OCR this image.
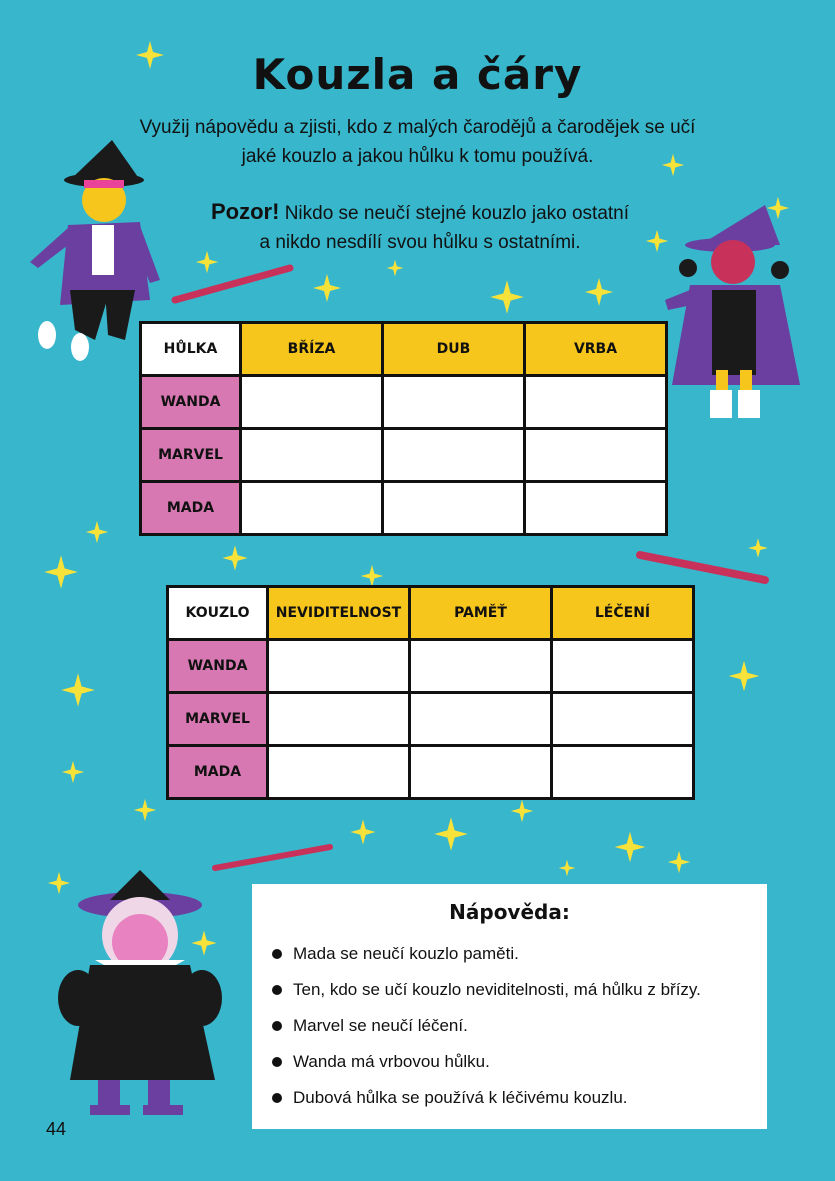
Kouzla a čáry
Využij nápovědu a zjisti, kdo z malých čarodějů a čarodějek se učí
jaké kouzlo a jakou hůlku k tomu používá.
Pozor! Nikdo se neučí stejné kouzlo jako ostatní
a nikdo nesdílí svou hůlku s ostatními.
HŮLKA	BŘÍZA	DUB	VRBA
WANDA			
MARVEL			
MADA			
KOUZLO	NEVIDITELNOST	PAMĚŤ	LÉČENÍ
WANDA			
MARVEL			
MADA			
Nápověda:
Mada se neučí kouzlo paměti.
Ten, kdo se učí kouzlo neviditelnosti, má hůlku z břízy.
Marvel se neučí léčení.
Wanda má vrbovou hůlku.
Dubová hůlka se používá k léčivému kouzlu.
44
